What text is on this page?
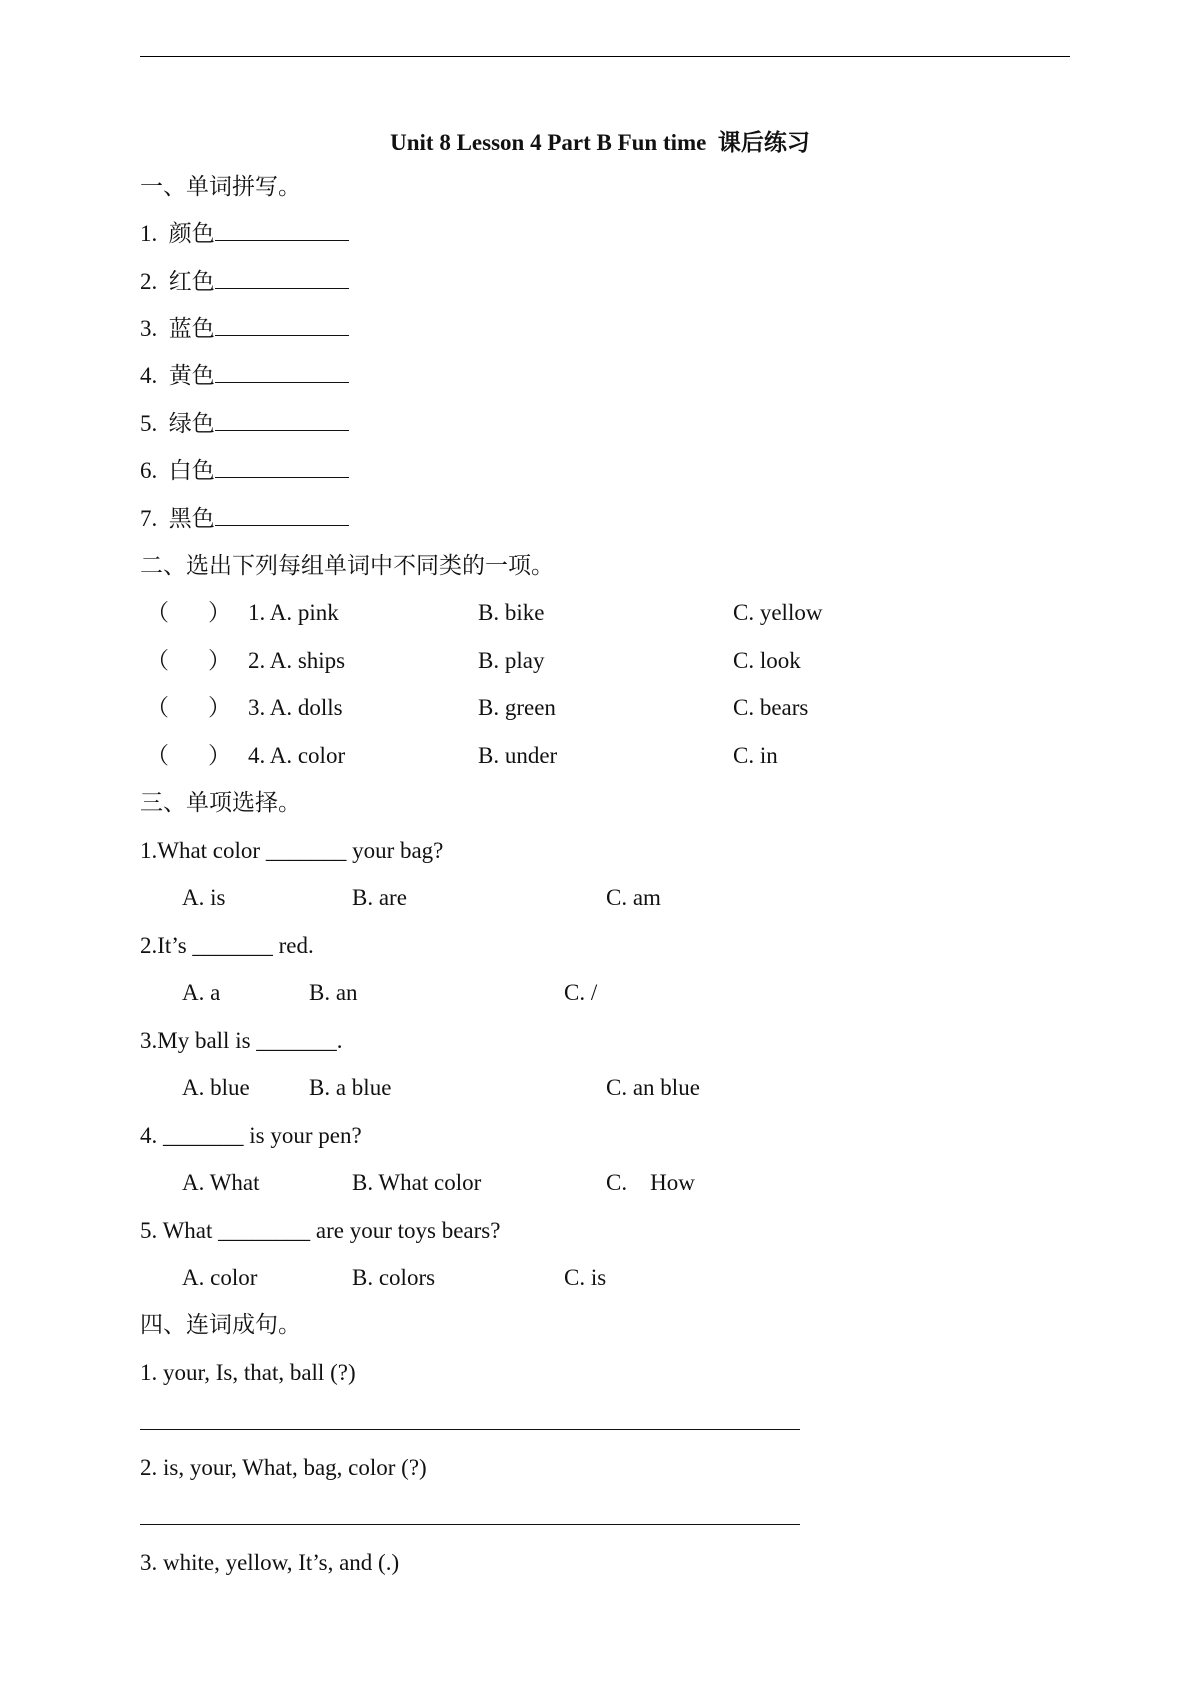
Unit 8 Lesson 4 Part B Fun time  课后练习
一、单词拼写。
1.  颜色
2.  红色
3.  蓝色
4.  黄色
5.  绿色
6.  白色
7.  黑色
二、选出下列每组单词中不同类的一项。
（ ） 1. A. pink	B. bike	C. yellow
（ ） 2. A. ships	B. play	C. look
（ ） 3. A. dolls	B. green	C. bears
（ ） 4. A. color	B. under	C. in
三、单项选择。
1.What color _______ your bag?
A. is	B. are	C. am
2.It’s _______ red.
A. a	B. an	C. /
3.My ball is _______.
A. blue	B. a blue	C. an blue
4. _______ is your pen?
A. What	B. What color	C.    How
5. What ________ are your toys bears?
A. color	B. colors	C. is
四、连词成句。
1. your, Is, that, ball (?)
2. is, your, What, bag, color (?)
3. white, yellow, It’s, and (.)
